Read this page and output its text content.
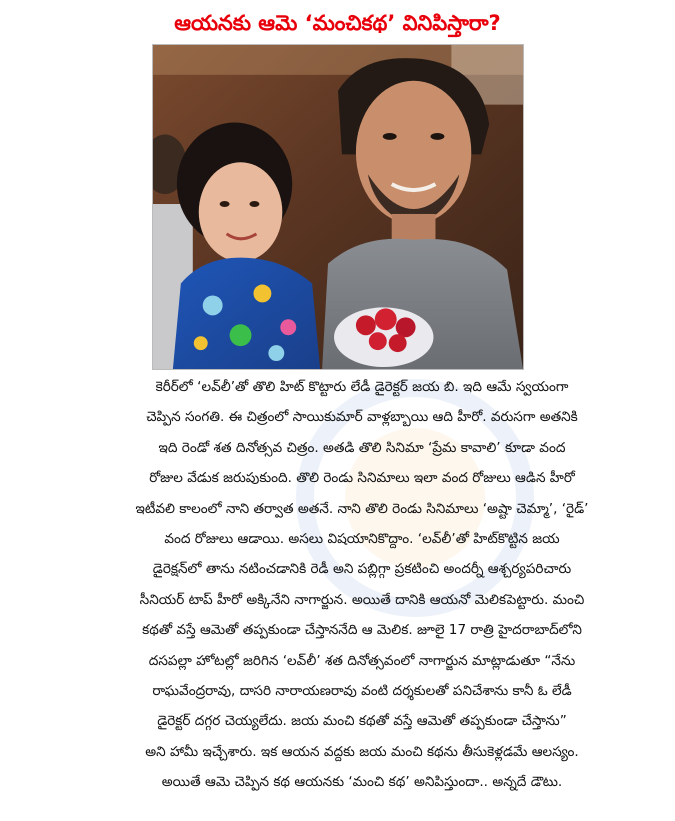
ఆయనకు ఆమె ‘మంచికథ’ వినిపిస్తారా?
కెరీర్‌లో ‘లవ్‌లీ’తో తొలి హిట్ కొట్టారు లేడీ డైరెక్టర్ జయ బి. ఇది ఆమే స్వయంగా
చెప్పిన సంగతి. ఈ చిత్రంలో సాయికుమార్ వాళ్లబ్బాయి ఆది హీరో. వరుసగా అతనికి
ఇది రెండో శత దినోత్సవ చిత్రం. అతడి తొలి సినిమా ‘ప్రేమ కావాలి’ కూడా వంద
రోజుల వేడుక జరుపుకుంది. తొలి రెండు సినిమాలు ఇలా వంద రోజులు ఆడిన హీరో
ఇటీవలి కాలంలో నాని తర్వాత అతనే. నాని తొలి రెండు సినిమాలు ‘అష్టా చెమ్మా’, ‘రైడ్’
వంద రోజులు ఆడాయి. అసలు విషయానికొద్దాం. ‘లవ్‌లీ’తో హిట్‌కొట్టిన జయ
డైరెక్షన్‌లో తాను నటించడానికి రెడీ అని పబ్లిగ్గా ప్రకటించి అందర్నీ ఆశ్చర్యపరిచారు
సీనియర్ టాప్ హీరో అక్కినేని నాగార్జున. అయితే దానికి ఆయనో మెలికపెట్టారు. మంచి
కథతో వస్తే ఆమెతో తప్పకుండా చేస్తాననేది ఆ మెలిక. జూలై 17 రాత్రి హైదరాబాద్‌లోని
దసపల్లా హోటల్లో జరిగిన ‘లవ్‌లీ’ శత దినోత్సవంలో నాగార్జున మాట్లాడుతూ “నేను
రాఘవేంద్రరావు, దాసరి నారాయణరావు వంటి దర్శకులతో పనిచేశాను కానీ ఓ లేడీ
డైరెక్టర్ దగ్గర చెయ్యలేదు. జయ మంచి కథతో వస్తే ఆమెతో తప్పకుండా చేస్తాను”
అని హామీ ఇచ్చేశారు. ఇక ఆయన వద్దకు జయ మంచి కథను తీసుకెళ్లడమే ఆలస్యం.
అయితే ఆమె చెప్పిన కథ ఆయనకు ‘మంచి కథ’ అనిపిస్తుందా.. అన్నదే డౌటు.
